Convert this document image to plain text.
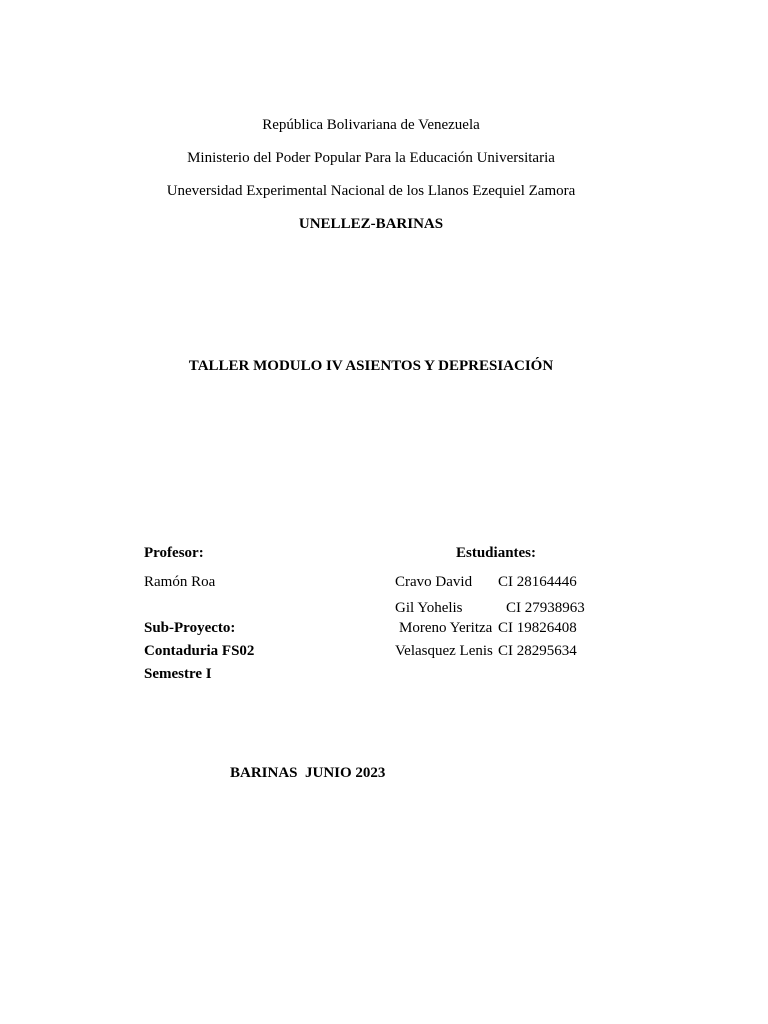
República Bolivariana de Venezuela
Ministerio del Poder Popular Para la Educación Universitaria
Uneversidad Experimental Nacional de los Llanos Ezequiel Zamora
UNELLEZ-BARINAS
TALLER MODULO IV ASIENTOS Y DEPRESIACIÓN
Profesor:
Ramón Roa
Estudiantes:
Cravo David CI 28164446
Gil Yohelis	CI 27938963
Moreno Yeritza CI 19826408
Velasquez Lenis CI 28295634
Sub-Proyecto:
Contaduria FS02
Semestre I
BARINAS  JUNIO 2023
